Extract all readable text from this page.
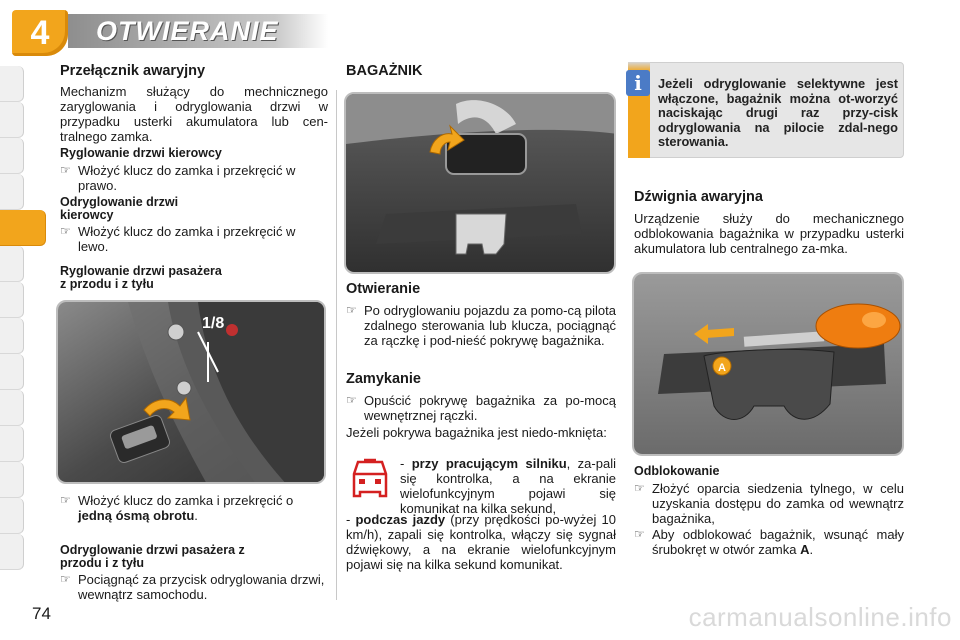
4	OTWIERANIE
Przełącznik awaryjny
Mechanizm służący do mechnicznego zaryglowania i odryglowania drzwi w przypadku usterki akumulatora lub cen-tralnego zamka.
Ryglowanie drzwi kierowcy
☞ Włożyć klucz do zamka i przekręcić w prawo.
Odryglowanie drzwi
kierowcy
☞ Włożyć klucz do zamka i przekręcić w lewo.
Ryglowanie drzwi pasażera
z przodu i z tyłu
1/8
☞ Włożyć klucz do zamka i przekręcić o jedną ósmą obrotu.
Odryglowanie drzwi pasażera z
przodu i z tyłu
☞ Pociągnąć za przycisk odryglowania drzwi, wewnątrz samochodu.
BAGAŻNIK
Otwieranie
☞ Po odryglowaniu pojazdu za pomo-cą pilota zdalnego sterowania lub klucza, pociągnąć za rączkę i pod-nieść pokrywę bagażnika.
Zamykanie
☞ Opuścić pokrywę bagażnika za po-mocą wewnętrznej rączki.
Jeżeli pokrywa bagażnika jest niedo-mknięta:
- przy pracującym silniku, za-pali się kontrolka, a na ekranie wielofunkcyjnym pojawi się komunikat na kilka sekund,
- podczas jazdy (przy prędkości po-wyżej 10 km/h), zapali się kontrolka, włączy się sygnał dźwiękowy, a na ekranie wielofunkcyjnym pojawi się na kilka sekund komunikat.
i	Jeżeli odryglowanie selektywne jest włączone, bagażnik można ot-worzyć naciskając drugi raz przy-cisk odryglowania na pilocie zdal-nego sterowania.
Dźwignia awaryjna
Urządzenie służy do mechanicznego odblokowania bagażnika w przypadku usterki akumulatora lub centralnego za-mka.
A
Odblokowanie
☞ Złożyć oparcia siedzenia tylnego, w celu uzyskania dostępu do zamka od wewnątrz bagażnika,
☞ Aby odblokować bagażnik, wsunąć mały śrubokręt w otwór zamka A.
74	carmanualsonline.info
